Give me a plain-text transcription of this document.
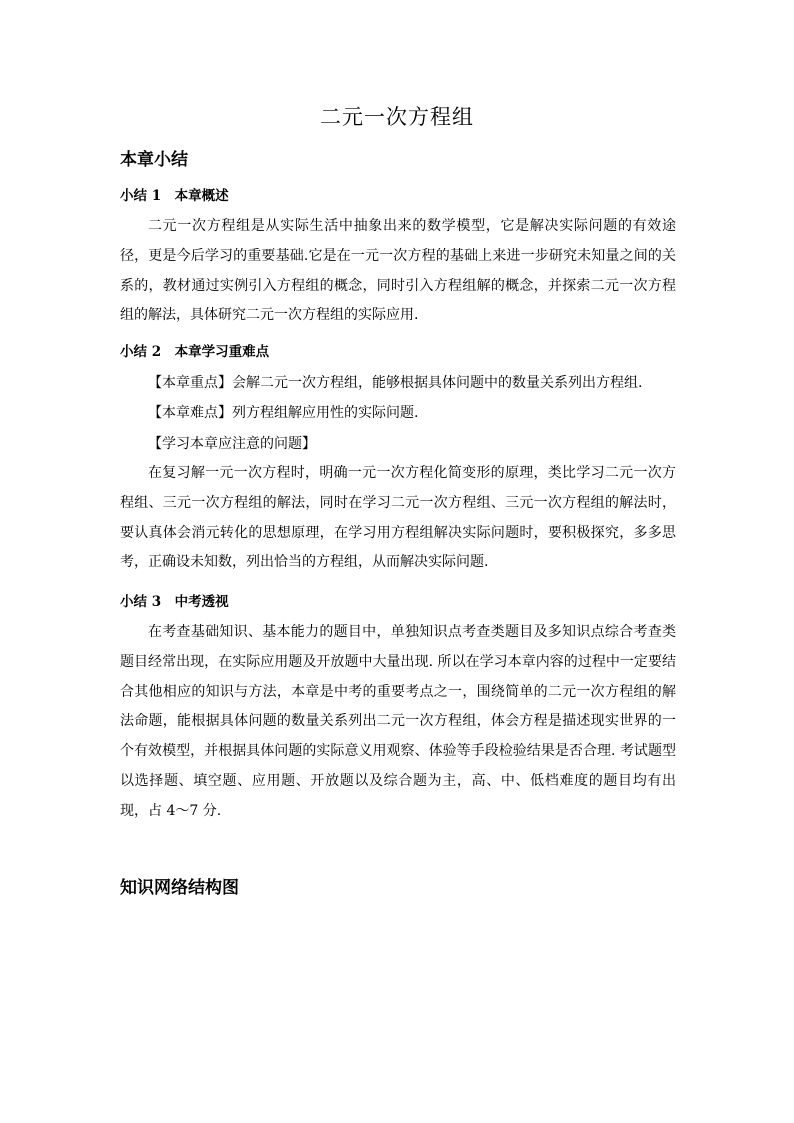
二元一次方程组
本章小结
小结 1　本章概述
二元一次方程组是从实际生活中抽象出来的数学模型，它是解决实际问题的有效途径，更是今后学习的重要基础.它是在一元一次方程的基础上来进一步研究未知量之间的关系的，教材通过实例引入方程组的概念，同时引入方程组解的概念，并探索二元一次方程组的解法，具体研究二元一次方程组的实际应用.
小结 2　本章学习重难点
【本章重点】会解二元一次方程组，能够根据具体问题中的数量关系列出方程组.
【本章难点】列方程组解应用性的实际问题.
【学习本章应注意的问题】
在复习解一元一次方程时，明确一元一次方程化简变形的原理，类比学习二元一次方程组、三元一次方程组的解法，同时在学习二元一次方程组、三元一次方程组的解法时，要认真体会消元转化的思想原理，在学习用方程组解决实际问题时，要积极探究，多多思考，正确设未知数，列出恰当的方程组，从而解决实际问题.
小结 3　中考透视
在考查基础知识、基本能力的题目中，单独知识点考查类题目及多知识点综合考查类题目经常出现，在实际应用题及开放题中大量出现. 所以在学习本章内容的过程中一定要结合其他相应的知识与方法，本章是中考的重要考点之一，围绕简单的二元一次方程组的解法命题，能根据具体问题的数量关系列出二元一次方程组，体会方程是描述现实世界的一个有效模型，并根据具体问题的实际意义用观察、体验等手段检验结果是否合理. 考试题型以选择题、填空题、应用题、开放题以及综合题为主，高、中、低档难度的题目均有出现，占 4～7 分.
知识网络结构图
